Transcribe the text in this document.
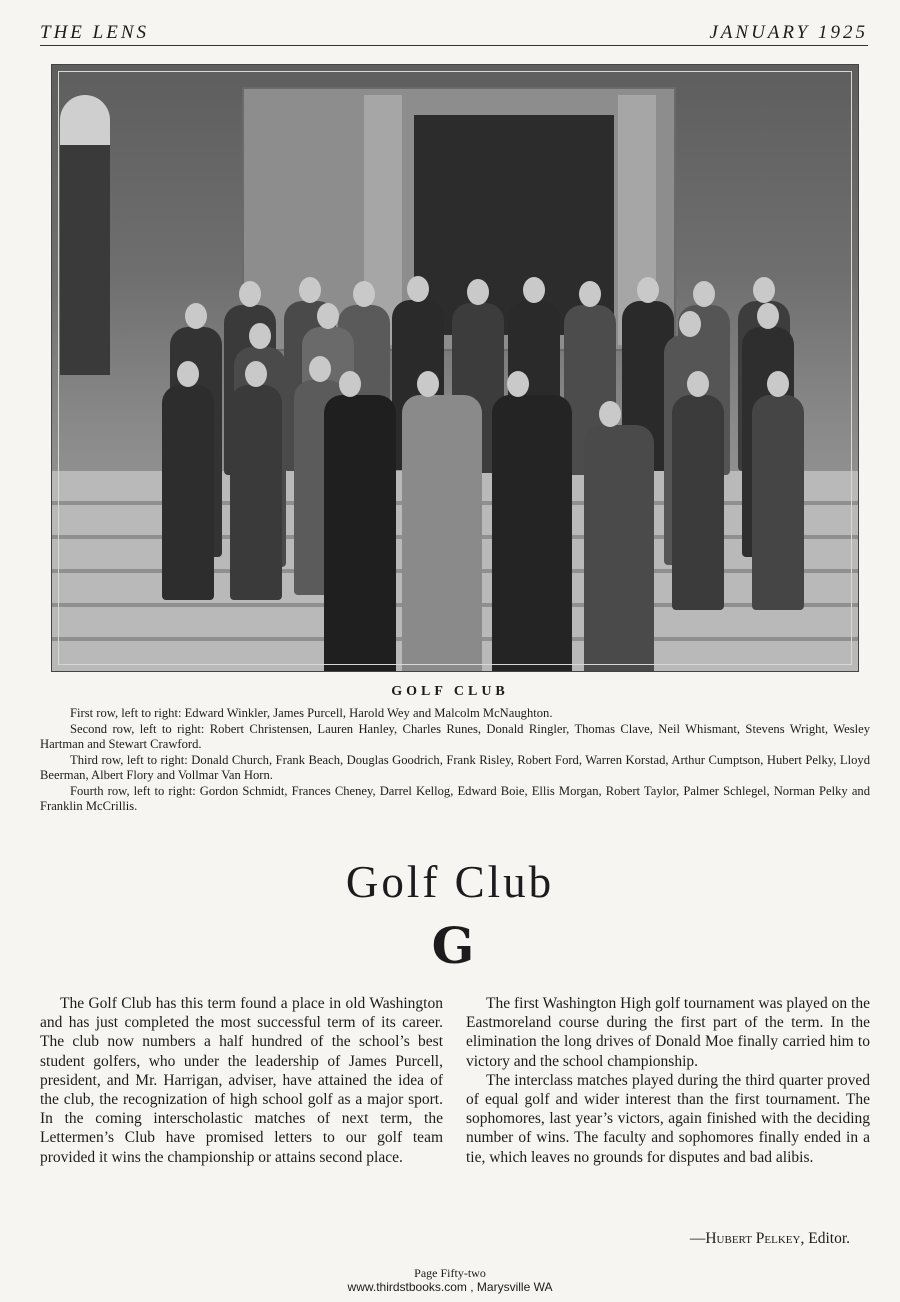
THE LENS	JANUARY 1925
GOLF CLUB

First row, left to right: Edward Winkler, James Purcell, Harold Wey and Malcolm McNaughton.

Second row, left to right: Robert Christensen, Lauren Hanley, Charles Runes, Donald Ringler, Thomas Clave, Neil Whismant, Stevens Wright, Wesley Hartman and Stewart Crawford.

Third row, left to right: Donald Church, Frank Beach, Douglas Goodrich, Frank Risley, Robert Ford, Warren Korstad, Arthur Cumptson, Hubert Pelky, Lloyd Beerman, Albert Flory and Vollmar Van Horn.

Fourth row, left to right: Gordon Schmidt, Frances Cheney, Darrel Kellog, Edward Boie, Ellis Morgan, Robert Taylor, Palmer Schlegel, Norman Pelky and Franklin McCrillis.

Golf Club
G

The Golf Club has this term found a place in old Washington and has just completed the most successful term of its career. The club now numbers a half hundred of the school’s best student golfers, who under the leadership of James Purcell, president, and Mr. Harrigan, adviser, have attained the idea of the club, the recognization of high school golf as a major sport. In the coming interscholastic matches of next term, the Lettermen’s Club have promised letters to our golf team provided it wins the championship or attains second place.

The first Washington High golf tournament was played on the Eastmoreland course during the first part of the term. In the elimination the long drives of Donald Moe finally carried him to victory and the school championship.

The interclass matches played during the third quarter proved of equal golf and wider interest than the first tournament. The sophomores, last year’s victors, again finished with the deciding number of wins. The faculty and sophomores finally ended in a tie, which leaves no grounds for disputes and bad alibis.

—Hubert Pelkey, Editor.
Page Fifty-two
www.thirdstbooks.com , Marysville WA
